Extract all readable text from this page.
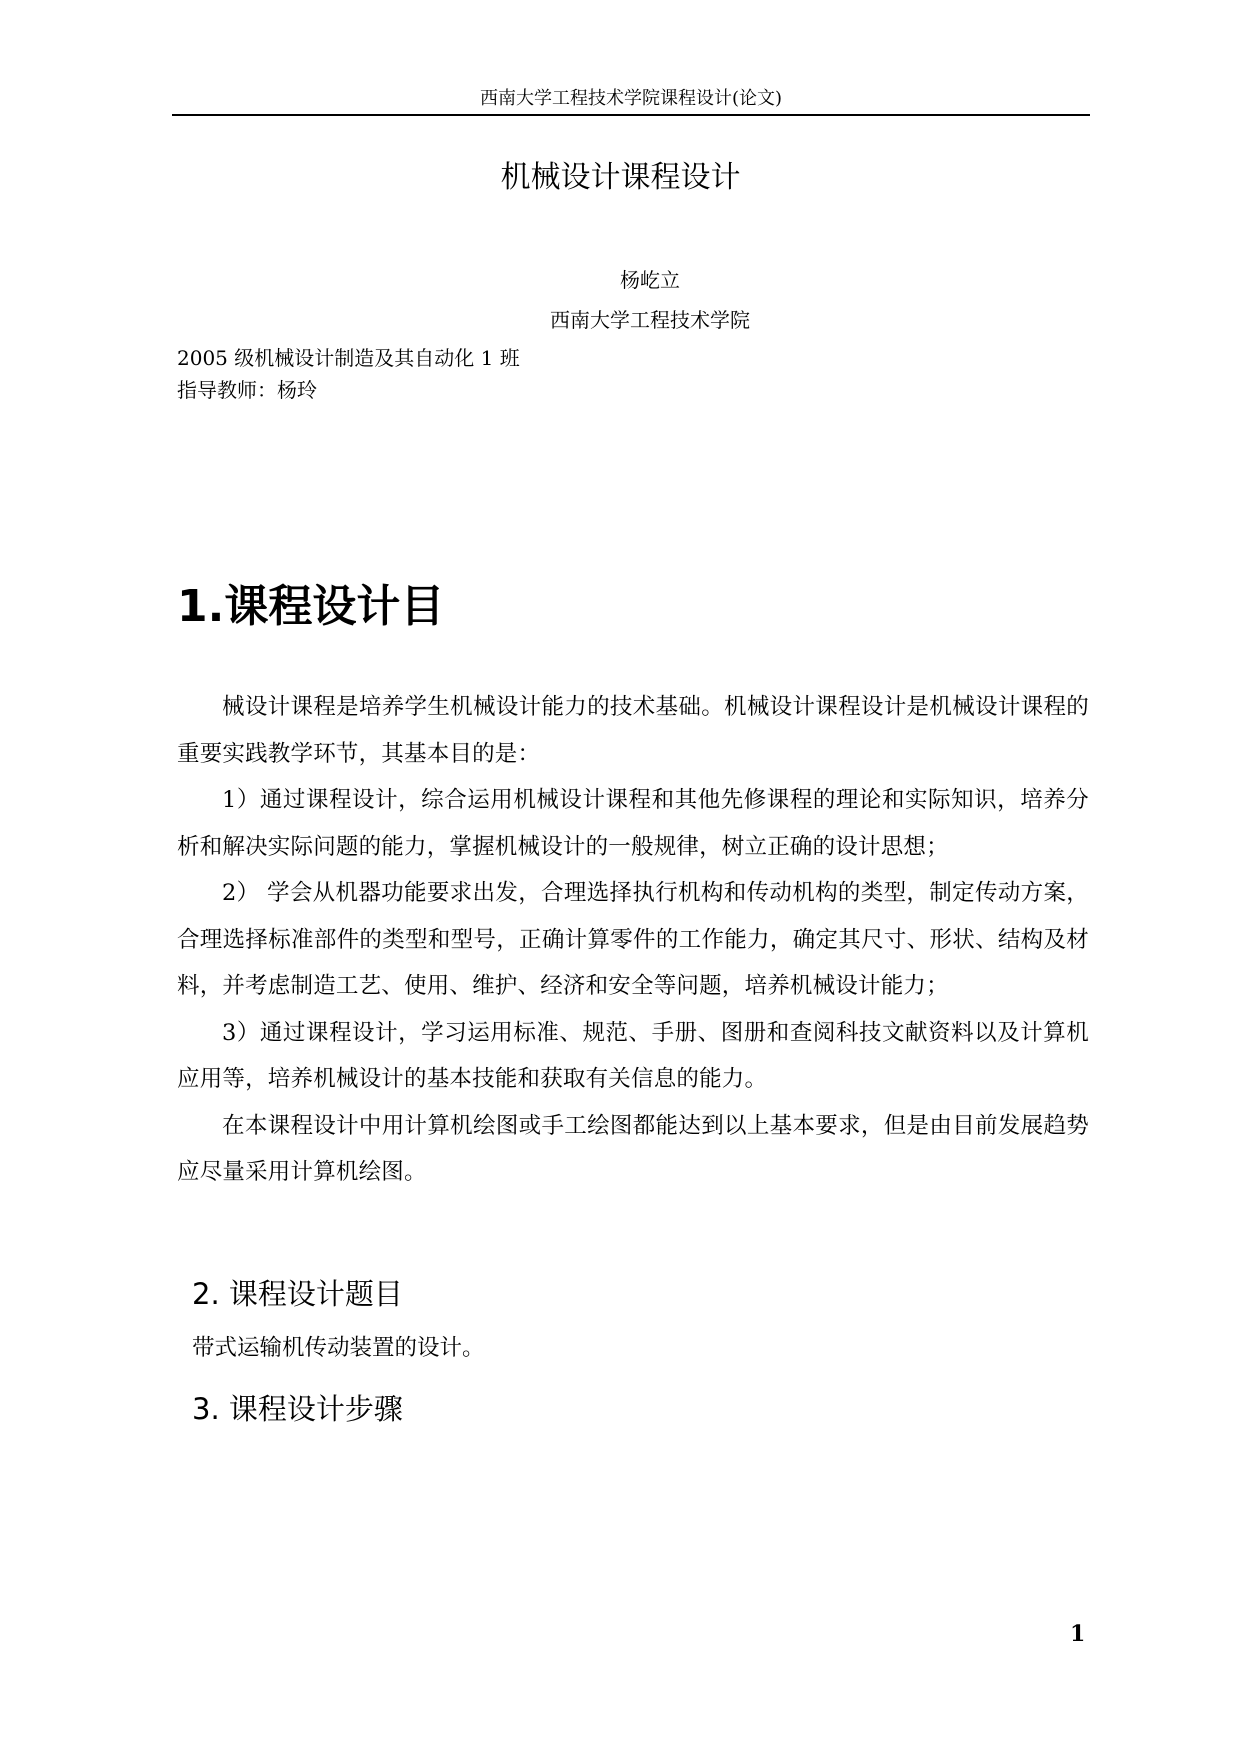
西南大学工程技术学院课程设计(论文)
机械设计课程设计
杨屹立
西南大学工程技术学院
2005 级机械设计制造及其自动化 1 班
指导教师：杨玲
1.课程设计目

械设计课程是培养学生机械设计能力的技术基础。机械设计课程设计是机械设计课程的重要实践教学环节，其基本目的是：

1）通过课程设计，综合运用机械设计课程和其他先修课程的理论和实际知识，培养分析和解决实际问题的能力，掌握机械设计的一般规律，树立正确的设计思想；

2） 学会从机器功能要求出发，合理选择执行机构和传动机构的类型，制定传动方案，合理选择标准部件的类型和型号，正确计算零件的工作能力，确定其尺寸、形状、结构及材料，并考虑制造工艺、使用、维护、经济和安全等问题，培养机械设计能力；

3）通过课程设计，学习运用标准、规范、手册、图册和查阅科技文献资料以及计算机应用等，培养机械设计的基本技能和获取有关信息的能力。

在本课程设计中用计算机绘图或手工绘图都能达到以上基本要求，但是由目前发展趋势应尽量采用计算机绘图。

2. 课程设计题目
带式运输机传动装置的设计。
3. 课程设计步骤
1
